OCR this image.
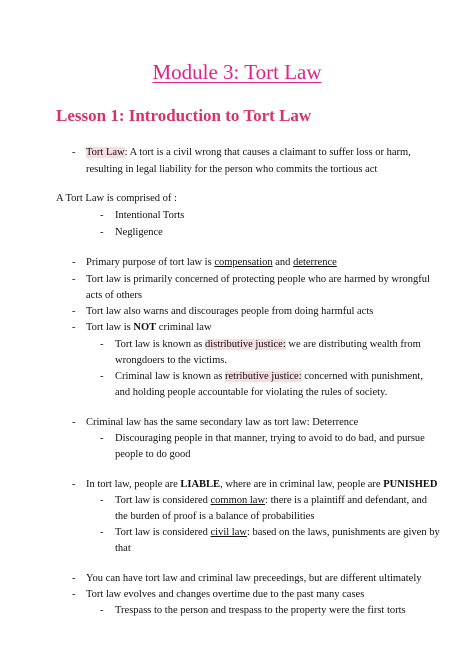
Module 3: Tort Law
Lesson 1: Introduction to Tort Law
- Tort Law: A tort is a civil wrong that causes a claimant to suffer loss or harm,
resulting in legal liability for the person who commits the tortious act
A Tort Law is comprised of :
- Intentional Torts
- Negligence
- Primary purpose of tort law is compensation and deterrence
- Tort law is primarily concerned of protecting people who are harmed by wrongful
acts of others
- Tort law also warns and discourages people from doing harmful acts
- Tort law is NOT criminal law
- Tort law is known as distributive justice: we are distributing wealth from
wrongdoers to the victims.
- Criminal law is known as retributive justice: concerned with punishment,
and holding people accountable for violating the rules of society.
- Criminal law has the same secondary law as tort law: Deterrence
- Discouraging people in that manner, trying to avoid to do bad, and pursue
people to do good
- In tort law, people are LIABLE, where are in criminal law, people are PUNISHED
- Tort law is considered common law: there is a plaintiff and defendant, and
the burden of proof is a balance of probabilities
- Tort law is considered civil law: based on the laws, punishments are given by
that
- You can have tort law and criminal law preceedings, but are different ultimately
- Tort law evolves and changes overtime due to the past many cases
- Trespass to the person and trespass to the property were the first torts
